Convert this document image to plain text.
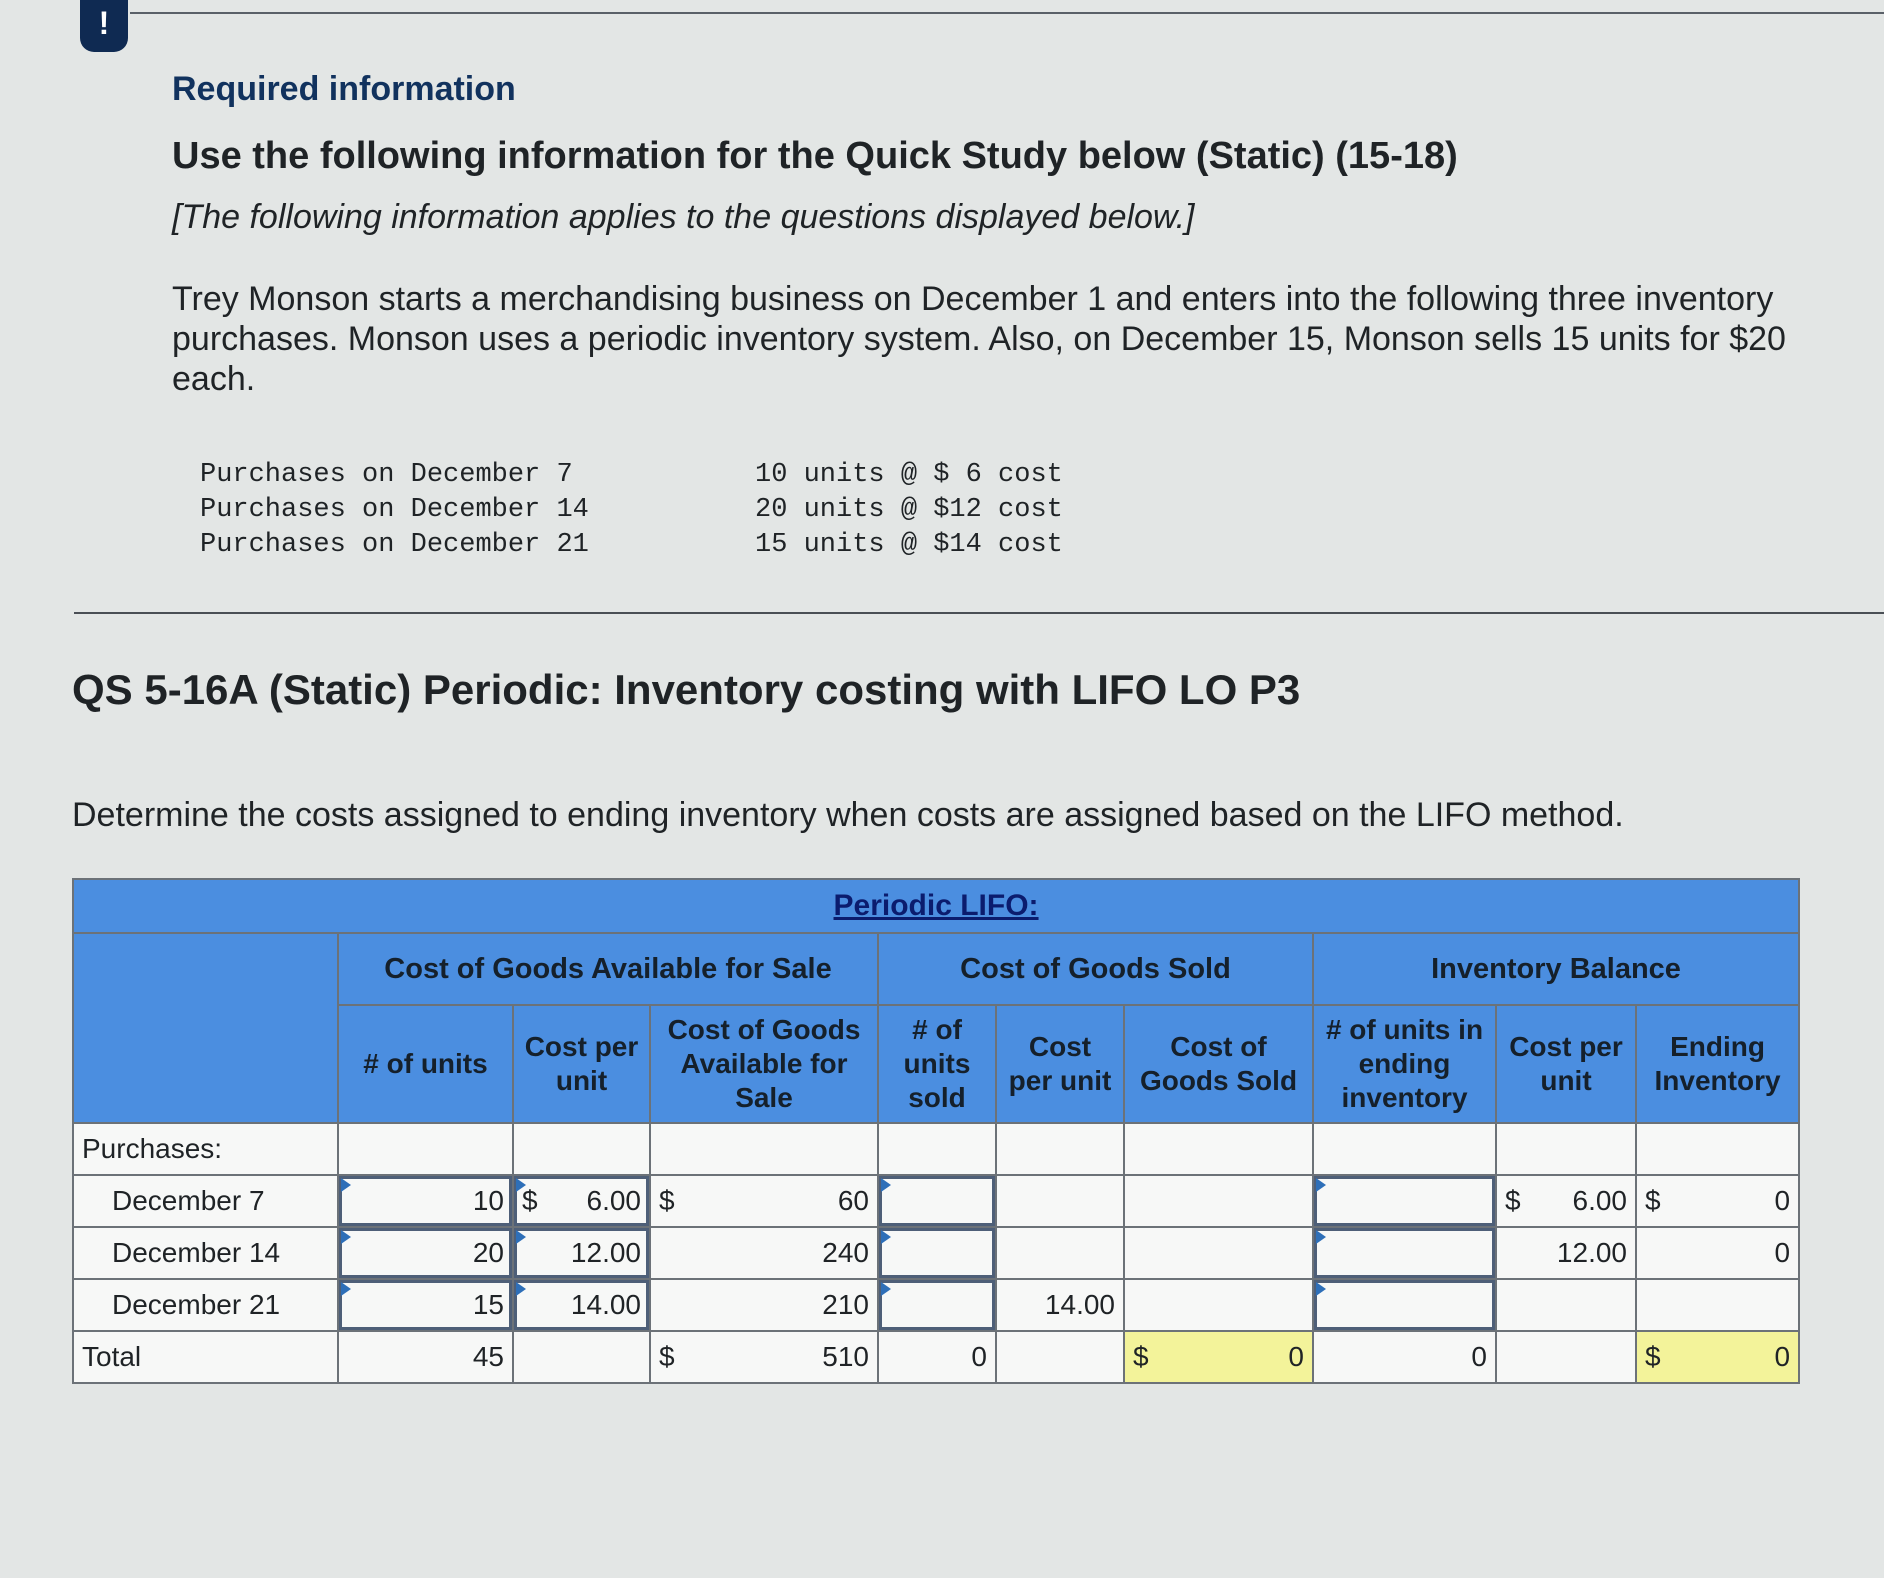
!

Required information

Use the following information for the Quick Study below (Static) (15-18)

[The following information applies to the questions displayed below.]

Trey Monson starts a merchandising business on December 1 and enters into the following three inventory purchases. Monson uses a periodic inventory system. Also, on December 15, Monson sells 15 units for $20 each.

Purchases on December 7	10 units @ $ 6 cost
Purchases on December 14	20 units @ $12 cost
Purchases on December 21	15 units @ $14 cost
QS 5-16A (Static) Periodic: Inventory costing with LIFO LO P3

Determine the costs assigned to ending inventory when costs are assigned based on the LIFO method.

Periodic LIFO:									
	Cost of Goods Available for Sale			Cost of Goods Sold			Inventory Balance		
	# of units	Cost per unit	Cost of Goods Available for Sale	# of units sold	Cost per unit	Cost of Goods Sold	# of units in ending inventory	Cost per unit	Ending Inventory
Purchases:									
December 7	10	$ 6.00	$ 60					$ 6.00	$ 0

December 14	20	12.00	240					12.00	0

December 21	15	14.00	210		14.00			

Total	45		$ 510	0		$ 0	0		$ 0
